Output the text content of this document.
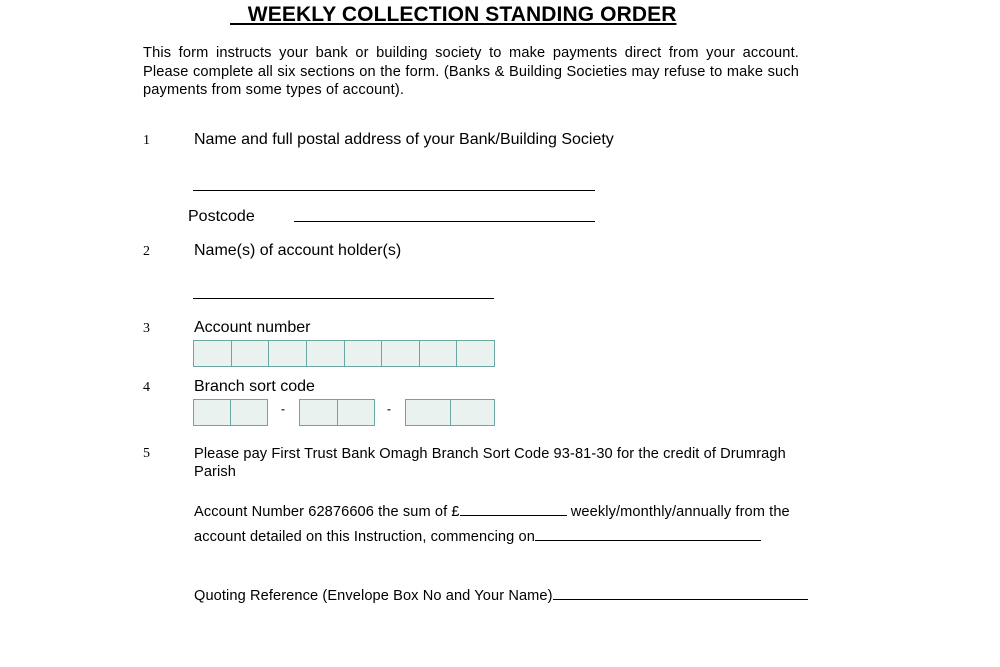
WEEKLY COLLECTION STANDING ORDER
This form instructs your bank or building society to make payments direct from your account. Please complete all six sections on the form. (Banks & Building Societies may refuse to make such payments from some types of account).
1	Name and full postal address of your Bank/Building Society
Postcode
2	Name(s) of account holder(s)
3	Account number
4	Branch sort code
-	-
5	Please pay First Trust Bank Omagh Branch Sort Code 93-81-30 for the credit of Drumragh Parish
Account Number 62876606 the sum of £	weekly/monthly/annually from the
account detailed on this Instruction, commencing on
Quoting Reference (Envelope Box No and Your Name)
